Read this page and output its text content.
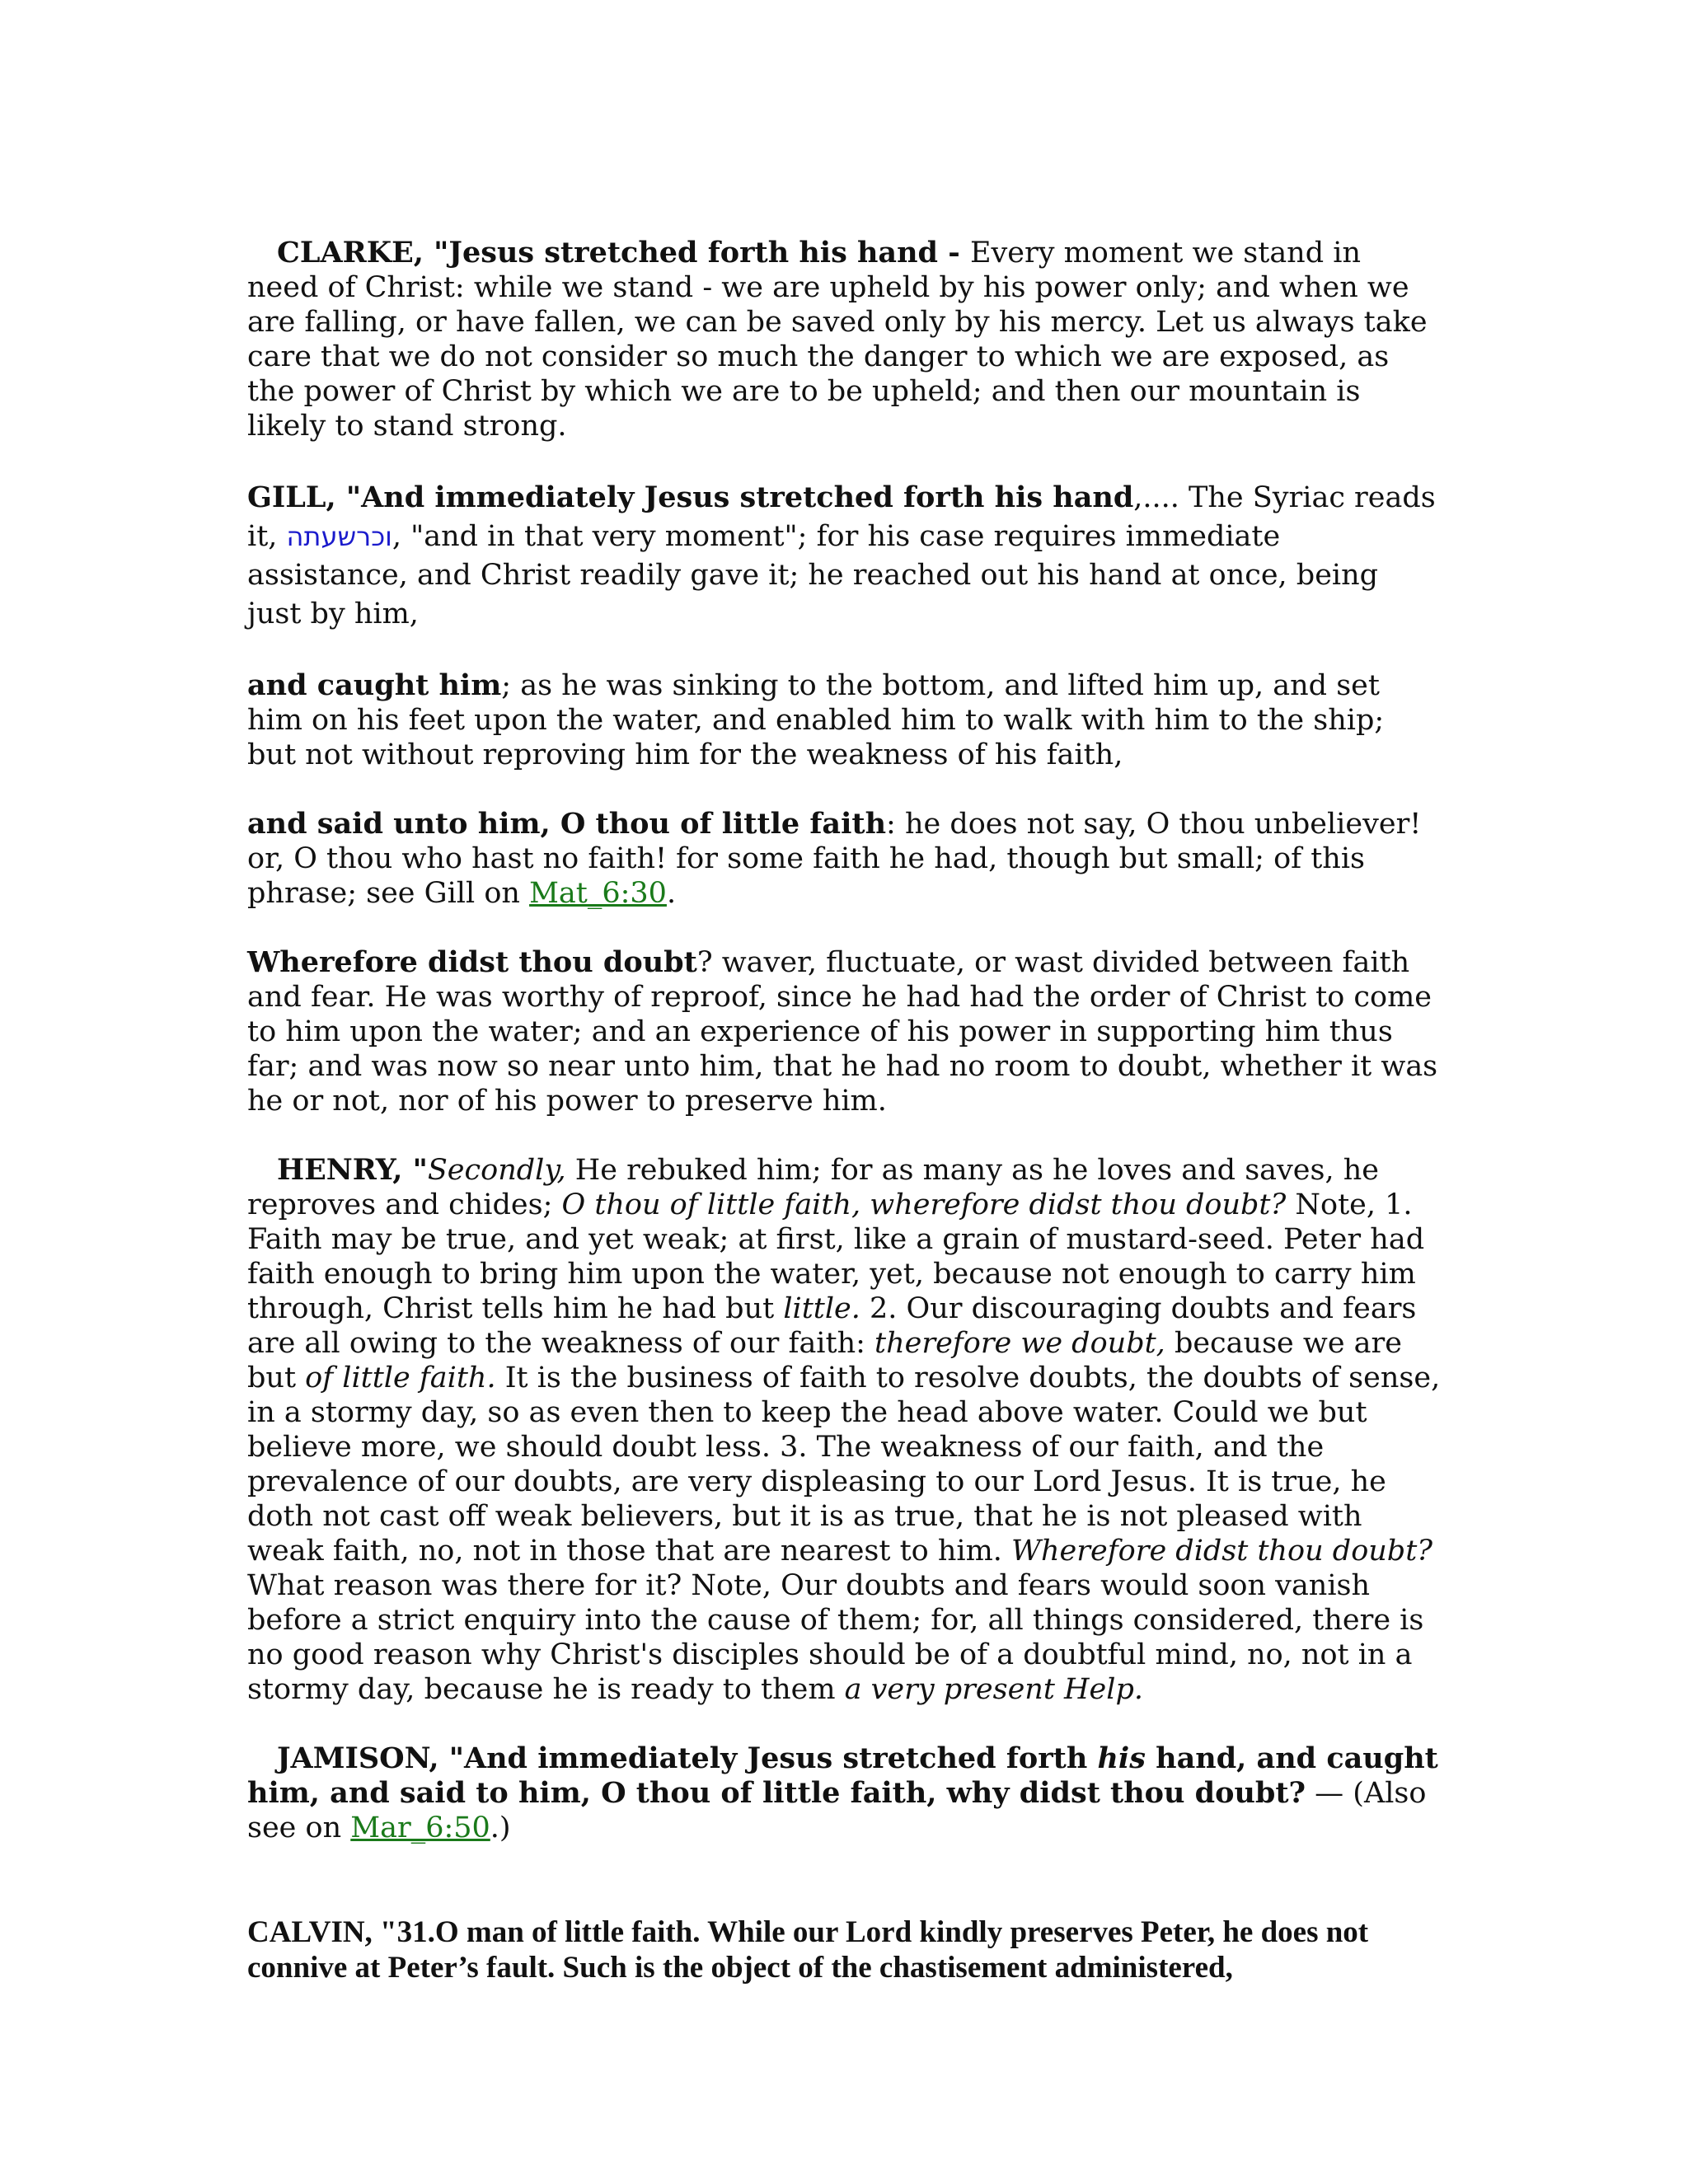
CLARKE, "Jesus stretched forth his hand - Every moment we stand in need of Christ: while we stand - we are upheld by his power only; and when we are falling, or have fallen, we can be saved only by his mercy. Let us always take care that we do not consider so much the danger to which we are exposed, as the power of Christ by which we are to be upheld; and then our mountain is likely to stand strong.

GILL, "And immediately Jesus stretched forth his hand,.... The Syriac reads it, וכרשעתה, "and in that very moment"; for his case requires immediate assistance, and Christ readily gave it; he reached out his hand at once, being just by him,

and caught him; as he was sinking to the bottom, and lifted him up, and set him on his feet upon the water, and enabled him to walk with him to the ship; but not without reproving him for the weakness of his faith,

and said unto him, O thou of little faith: he does not say, O thou unbeliever! or, O thou who hast no faith! for some faith he had, though but small; of this phrase; see Gill on Mat_6:30.

Wherefore didst thou doubt? waver, fluctuate, or wast divided between faith and fear. He was worthy of reproof, since he had had the order of Christ to come to him upon the water; and an experience of his power in supporting him thus far; and was now so near unto him, that he had no room to doubt, whether it was he or not, nor of his power to preserve him.

HENRY, "Secondly, He rebuked him; for as many as he loves and saves, he reproves and chides; O thou of little faith, wherefore didst thou doubt? Note, 1. Faith may be true, and yet weak; at first, like a grain of mustard-seed. Peter had faith enough to bring him upon the water, yet, because not enough to carry him through, Christ tells him he had but little. 2. Our discouraging doubts and fears are all owing to the weakness of our faith: therefore we doubt, because we are but of little faith. It is the business of faith to resolve doubts, the doubts of sense, in a stormy day, so as even then to keep the head above water. Could we but believe more, we should doubt less. 3. The weakness of our faith, and the prevalence of our doubts, are very displeasing to our Lord Jesus. It is true, he doth not cast off weak believers, but it is as true, that he is not pleased with weak faith, no, not in those that are nearest to him. Wherefore didst thou doubt? What reason was there for it? Note, Our doubts and fears would soon vanish before a strict enquiry into the cause of them; for, all things considered, there is no good reason why Christ's disciples should be of a doubtful mind, no, not in a stormy day, because he is ready to them a very present Help.

JAMISON, "And immediately Jesus stretched forth his hand, and caught him, and said to him, O thou of little faith, why didst thou doubt? — (Also see on Mar_6:50.)

CALVIN, "31.O man of little faith. While our Lord kindly preserves Peter, he does not connive at Peter’s fault. Such is the object of the chastisement administered,
